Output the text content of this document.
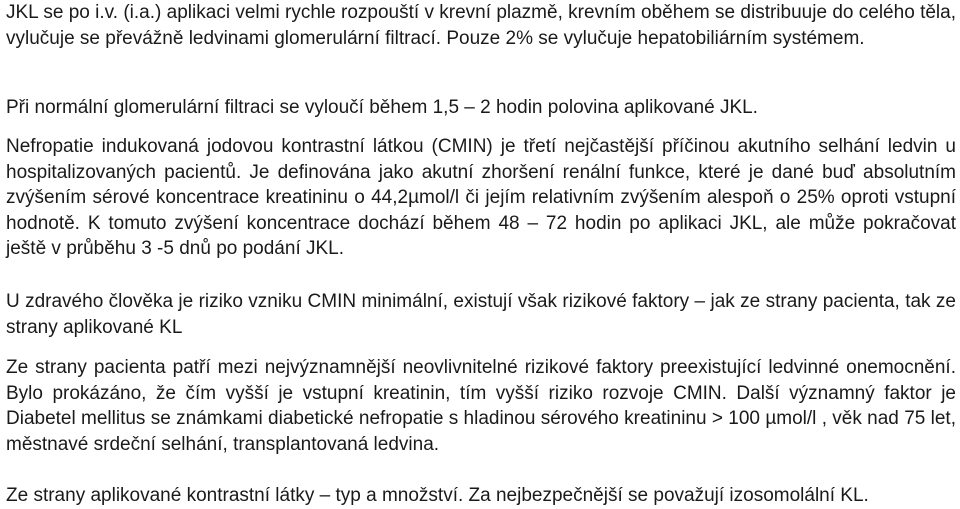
JKL se po i.v. (i.a.) aplikaci velmi rychle rozpouští v krevní plazmě, krevním oběhem se distribuuje do celého těla, vylučuje se převážně ledvinami glomerulární filtrací. Pouze 2% se vylučuje hepatobiliárním systémem.

Při normální glomerulární filtraci se vyloučí během 1,5 – 2 hodin polovina aplikované JKL.

Nefropatie indukovaná jodovou kontrastní látkou (CMIN) je třetí nejčastější příčinou akutního selhání ledvin u hospitalizovaných pacientů. Je definována jako akutní zhoršení renální funkce, které je dané buď absolutním zvýšením sérové koncentrace kreatininu o 44,2µmol/l či jejím relativním zvýšením alespoň o 25% oproti vstupní hodnotě. K tomuto zvýšení koncentrace dochází během 48 – 72 hodin po aplikaci JKL, ale může pokračovat ještě v průběhu 3 -5 dnů po podání JKL.

U zdravého člověka je riziko vzniku CMIN minimální, existují však rizikové faktory – jak ze strany pacienta, tak ze strany aplikované KL

Ze strany pacienta patří mezi nejvýznamnější neovlivnitelné rizikové faktory preexistující ledvinné onemocnění. Bylo prokázáno, že čím vyšší je vstupní kreatinin, tím vyšší riziko rozvoje CMIN. Další významný faktor je Diabetel mellitus se známkami diabetické nefropatie s hladinou sérového kreatininu > 100 µmol/l , věk nad 75 let, městnavé srdeční selhání, transplantovaná ledvina.

Ze strany aplikované kontrastní látky – typ a množství. Za nejbezpečnější se považují izosomolální KL.
